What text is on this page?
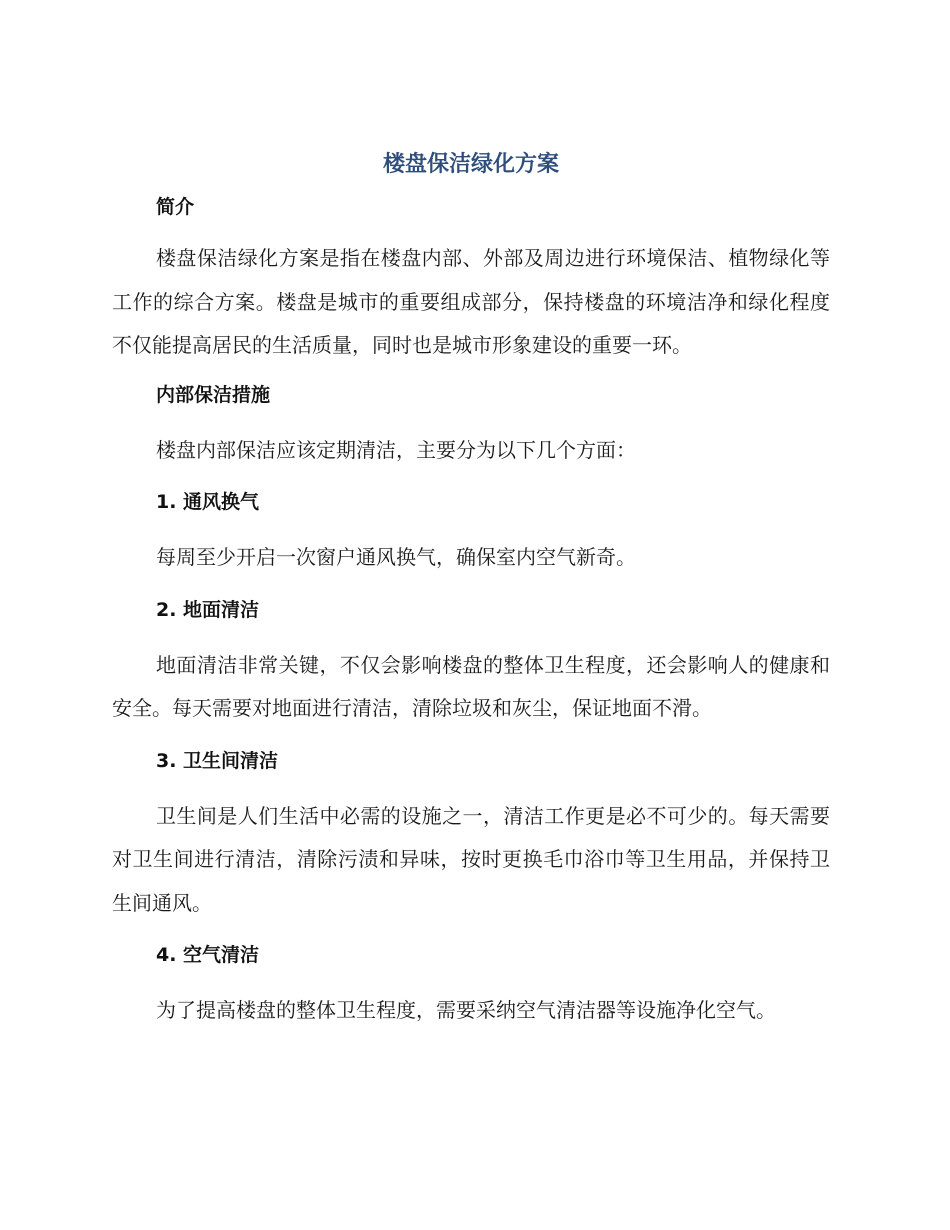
楼盘保洁绿化方案
简介

楼盘保洁绿化方案是指在楼盘内部、外部及周边进行环境保洁、植物绿化等工作的综合方案。楼盘是城市的重要组成部分，保持楼盘的环境洁净和绿化程度不仅能提高居民的生活质量，同时也是城市形象建设的重要一环。

内部保洁措施

楼盘内部保洁应该定期清洁，主要分为以下几个方面：

1. 通风换气

每周至少开启一次窗户通风换气，确保室内空气新奇。

2. 地面清洁

地面清洁非常关键，不仅会影响楼盘的整体卫生程度，还会影响人的健康和安全。每天需要对地面进行清洁，清除垃圾和灰尘，保证地面不滑。

3. 卫生间清洁

卫生间是人们生活中必需的设施之一，清洁工作更是必不可少的。每天需要对卫生间进行清洁，清除污渍和异味，按时更换毛巾浴巾等卫生用品，并保持卫生间通风。

4. 空气清洁

为了提高楼盘的整体卫生程度，需要采纳空气清洁器等设施净化空气。
